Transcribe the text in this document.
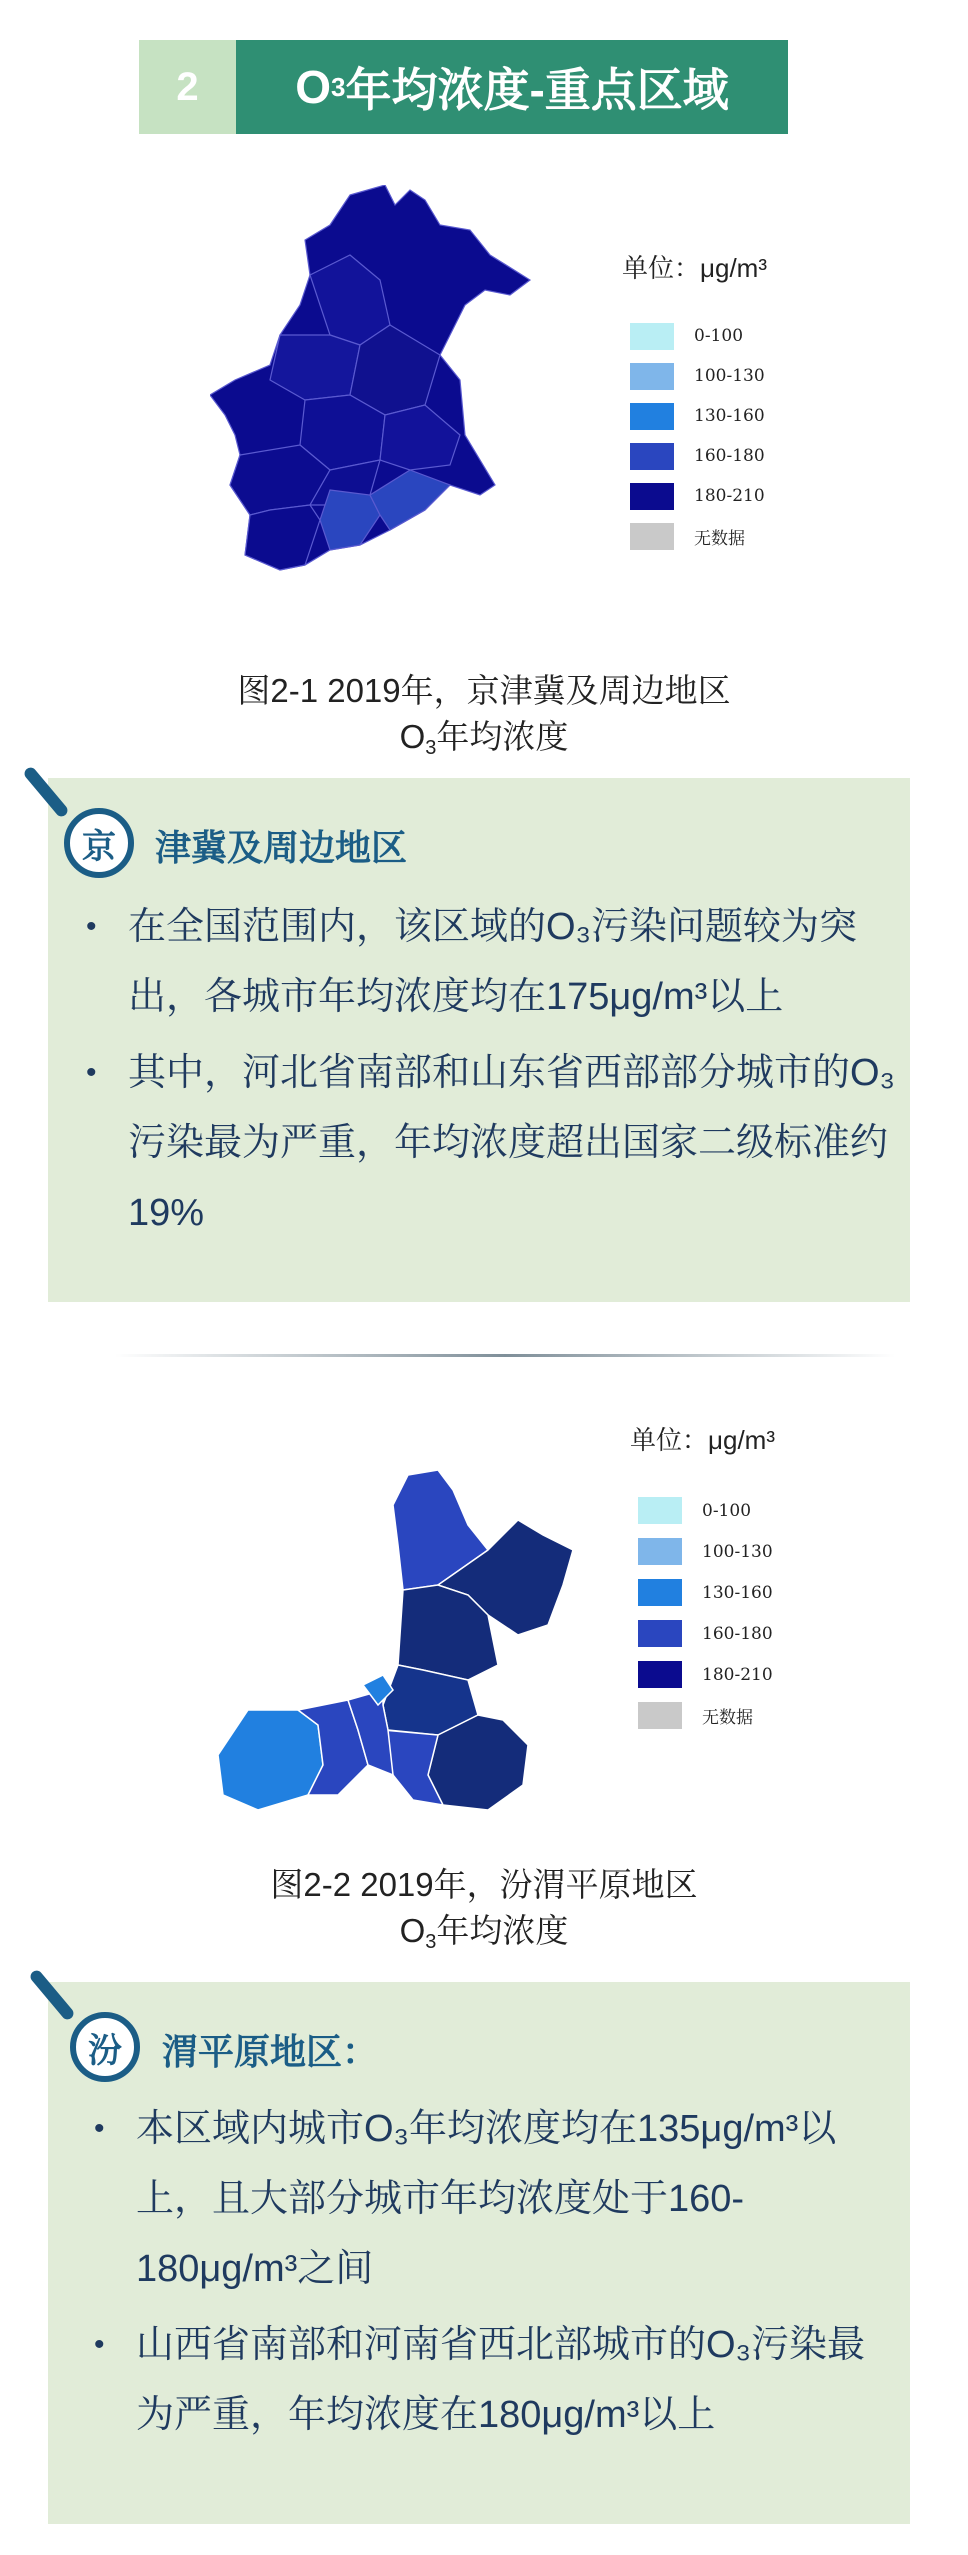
2	O 3 年均浓度-重点区域
单位：μg/m³
0-100
100-130
130-160
160-180
180-210
无数据
图2-1 2019年，京津冀及周边地区
$O_3$年均浓度
京	津冀及周边地区
• 在全国范围内，该区域的O₃污染问题较为突出，各城市年均浓度均在175μg/m³以上
• 其中，河北省南部和山东省西部部分城市的O₃污染最为严重，年均浓度超出国家二级标准约19%
单位：μg/m³
0-100
100-130
130-160
160-180
180-210
无数据
图2-2 2019年，汾渭平原地区
$O_3$年均浓度
汾	渭平原地区：
• 本区域内城市O₃年均浓度均在135μg/m³以上，且大部分城市年均浓度处于160-180μg/m³之间
• 山西省南部和河南省西北部城市的O₃污染最为严重，年均浓度在180μg/m³以上
